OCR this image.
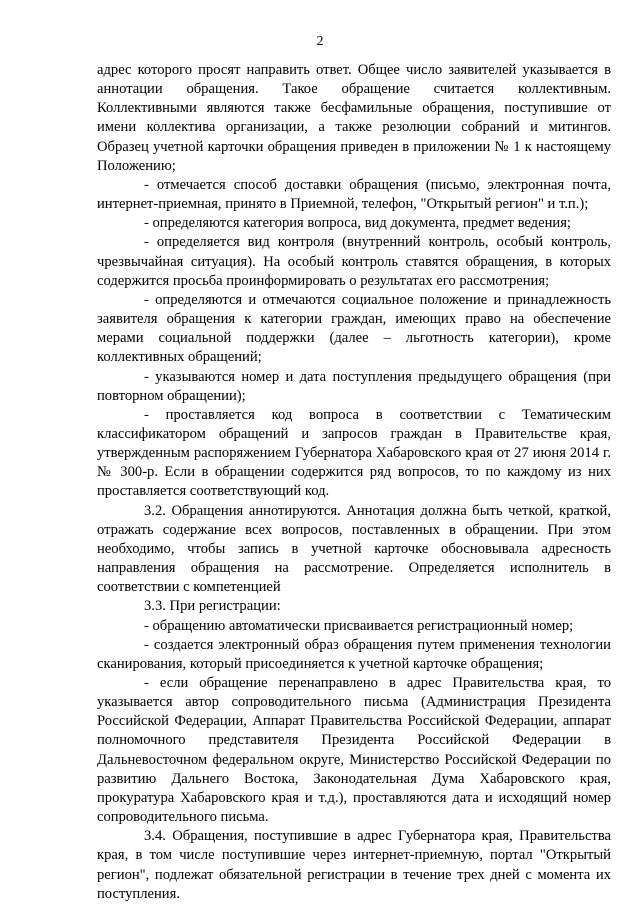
2

адрес которого просят направить ответ. Общее число заявителей указывается в аннотации обращения. Такое обращение считается коллективным. Коллективными являются также бесфамильные обращения, поступившие от имени коллектива организации, а также резолюции собраний и митингов. Образец учетной карточки обращения приведен в приложении № 1 к настоящему Положению;

- отмечается способ доставки обращения (письмо, электронная почта, интернет-приемная, принято в Приемной, телефон, "Открытый регион" и т.п.);

- определяются категория вопроса, вид документа, предмет ведения;

- определяется вид контроля (внутренний контроль, особый контроль, чрезвычайная ситуация). На особый контроль ставятся обращения, в которых содержится просьба проинформировать о результатах его рассмотрения;

- определяются и отмечаются социальное положение и принадлежность заявителя обращения к категории граждан, имеющих право на обеспечение мерами социальной поддержки (далее – льготность категории), кроме коллективных обращений;

- указываются номер и дата поступления предыдущего обращения (при повторном обращении);

- проставляется код вопроса в соответствии с Тематическим классификатором обращений и запросов граждан в Правительстве края, утвержденным распоряжением Губернатора Хабаровского края от 27 июня 2014 г. № 300-р. Если в обращении содержится ряд вопросов, то по каждому из них проставляется соответствующий код.

3.2. Обращения аннотируются. Аннотация должна быть четкой, краткой, отражать содержание всех вопросов, поставленных в обращении. При этом необходимо, чтобы запись в учетной карточке обосновывала адресность направления обращения на рассмотрение. Определяется исполнитель в соответствии с компетенцией

3.3. При регистрации:

- обращению автоматически присваивается регистрационный номер;

- создается электронный образ обращения путем применения технологии сканирования, который присоединяется к учетной карточке обращения;

- если обращение перенаправлено в адрес Правительства края, то указывается автор сопроводительного письма (Администрация Президента Российской Федерации, Аппарат Правительства Российской Федерации, аппарат полномочного представителя Президента Российской Федерации в Дальневосточном федеральном округе, Министерство Российской Федерации по развитию Дальнего Востока, Законодательная Дума Хабаровского края, прокуратура Хабаровского края и т.д.), проставляются дата и исходящий номер сопроводительного письма.

3.4. Обращения, поступившие в адрес Губернатора края, Правительства края, в том числе поступившие через интернет-приемную, портал "Открытый регион", подлежат обязательной регистрации в течение трех дней с момента их поступления.
